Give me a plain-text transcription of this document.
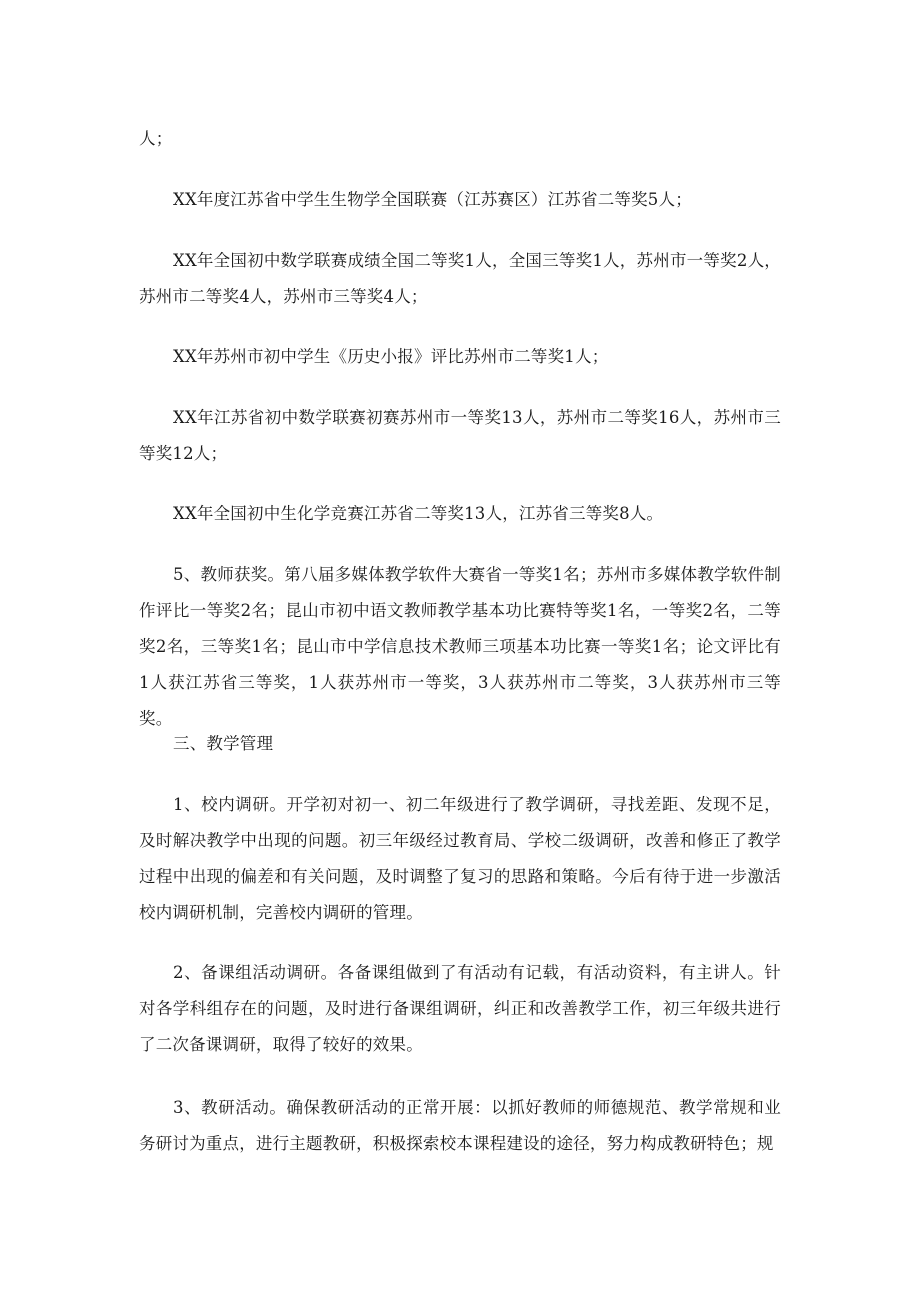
人；

XX年度江苏省中学生生物学全国联赛（江苏赛区）江苏省二等奖5人；

XX年全国初中数学联赛成绩全国二等奖1人，全国三等奖1人，苏州市一等奖2人，苏州市二等奖4人，苏州市三等奖4人；

XX年苏州市初中学生《历史小报》评比苏州市二等奖1人；

XX年江苏省初中数学联赛初赛苏州市一等奖13人，苏州市二等奖16人，苏州市三等奖12人；

XX年全国初中生化学竞赛江苏省二等奖13人，江苏省三等奖8人。

5、教师获奖。第八届多媒体教学软件大赛省一等奖1名；苏州市多媒体教学软件制作评比一等奖2名；昆山市初中语文教师教学基本功比赛特等奖1名，一等奖2名，二等奖2名，三等奖1名；昆山市中学信息技术教师三项基本功比赛一等奖1名；论文评比有1人获江苏省三等奖，1人获苏州市一等奖，3人获苏州市二等奖，3人获苏州市三等奖。

三、教学管理

1、校内调研。开学初对初一、初二年级进行了教学调研，寻找差距、发现不足，及时解决教学中出现的问题。初三年级经过教育局、学校二级调研，改善和修正了教学过程中出现的偏差和有关问题，及时调整了复习的思路和策略。今后有待于进一步激活校内调研机制，完善校内调研的管理。

2、备课组活动调研。各备课组做到了有活动有记载，有活动资料，有主讲人。针对各学科组存在的问题，及时进行备课组调研，纠正和改善教学工作，初三年级共进行了二次备课调研，取得了较好的效果。

3、教研活动。确保教研活动的正常开展：以抓好教师的师德规范、教学常规和业务研讨为重点，进行主题教研，积极探索校本课程建设的途径，努力构成教研特色；规
